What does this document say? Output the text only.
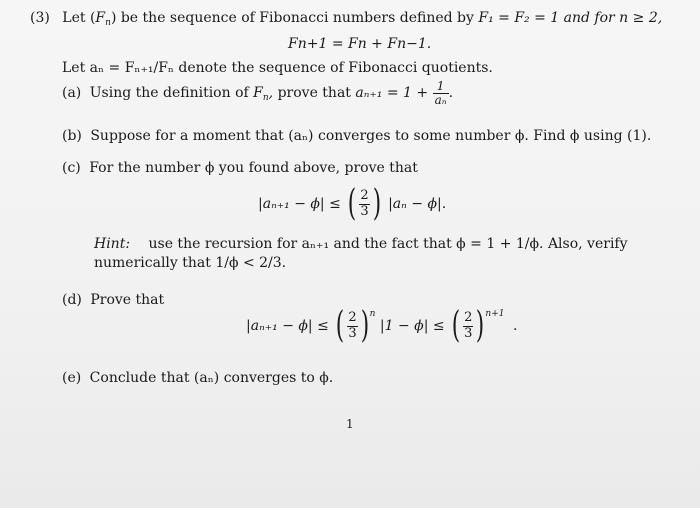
(3) Let $(F_n)$ be the sequence of Fibonacci numbers defined by F₁ = F₂ = 1 and for n ≥ 2,
Fn+1 = Fn + Fn−1.
Let aₙ = Fₙ₊₁/Fₙ denote the sequence of Fibonacci quotients.
(a) Using the definition of $F_n$, prove that $a_{n+1} = 1 + \frac{1}{\text{aₙ}}$ .
(b) Suppose for a moment that (aₙ) converges to some number ϕ. Find ϕ using (1).
(c) For the number ϕ you found above, prove that
|aₙ₊₁ − ϕ| ≤ ( $\frac{2}{3}$ ) |aₙ − ϕ|.
Hint: use the recursion for aₙ₊₁ and the fact that ϕ = 1 + 1/ϕ. Also, verify
numerically that 1/ϕ < 2/3.
(d) Prove that
|aₙ₊₁ − ϕ| ≤ ( $\frac{2}{3} )^n$ |1 − ϕ| ≤ ( $\frac{2}{3} )^{n+1}$ .
(e) Conclude that (aₙ) converges to ϕ.
1
